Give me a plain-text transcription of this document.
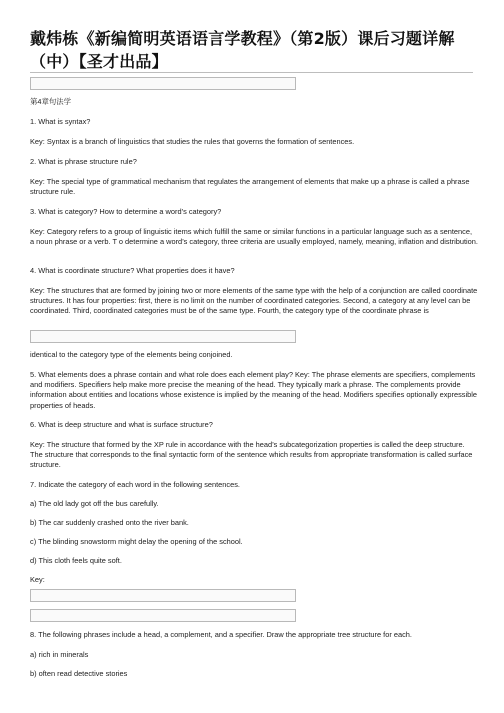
戴炜栋《新编简明英语语言学教程》（第2版）课后习题详解（中）【圣才出品】
第4章句法学
1. What is syntax?
Key: Syntax is a branch of linguistics that studies the rules that governs the formation of sentences.
2. What is phrase structure rule?
Key: The special type of grammatical mechanism that regulates the arrangement of elements that make up a phrase is called a phrase structure rule.
3. What is category? How to determine a word’s category?
Key: Category refers to a group of linguistic items which fulfill the same or similar functions in a particular language such as a sentence, a noun phrase or a verb. T o determine a word’s category, three criteria are usually employed, namely, meaning, inflation and distribution.
4. What is coordinate structure? What properties does it have?
Key: The structures that are formed by joining two or more elements of the same type with the help of a conjunction are called coordinate structures. It has four properties: first, there is no limit on the number of coordinated categories. Second, a category at any level can be coordinated. Third, coordinated categories must be of the same type. Fourth, the category type of the coordinate phrase is
identical to the category type of the elements being conjoined.
5. What elements does a phrase contain and what role does each element play? Key: The phrase elements are specifiers, complements and modifiers. Specifiers help make more precise the meaning of the head. They typically mark a phrase. The complements provide information about entities and locations whose existence is implied by the meaning of the head. Modifiers specifies optionally expressible properties of heads.
6. What is deep structure and what is surface structure?
Key: The structure that formed by the XP rule in accordance with the head’s subcategorization properties is called the deep structure. The structure that corresponds to the final syntactic form of the sentence which results from appropriate transformation is called surface structure.
7. Indicate the category of each word in the following sentences.
a) The old lady got off the bus carefully.
b) The car suddenly crashed onto the river bank.
c) The blinding snowstorm might delay the opening of the school.
d) This cloth feels quite soft.
Key:
8. The following phrases include a head, a complement, and a specifier. Draw the appropriate tree structure for each.
a) rich in minerals
b) often read detective stories
